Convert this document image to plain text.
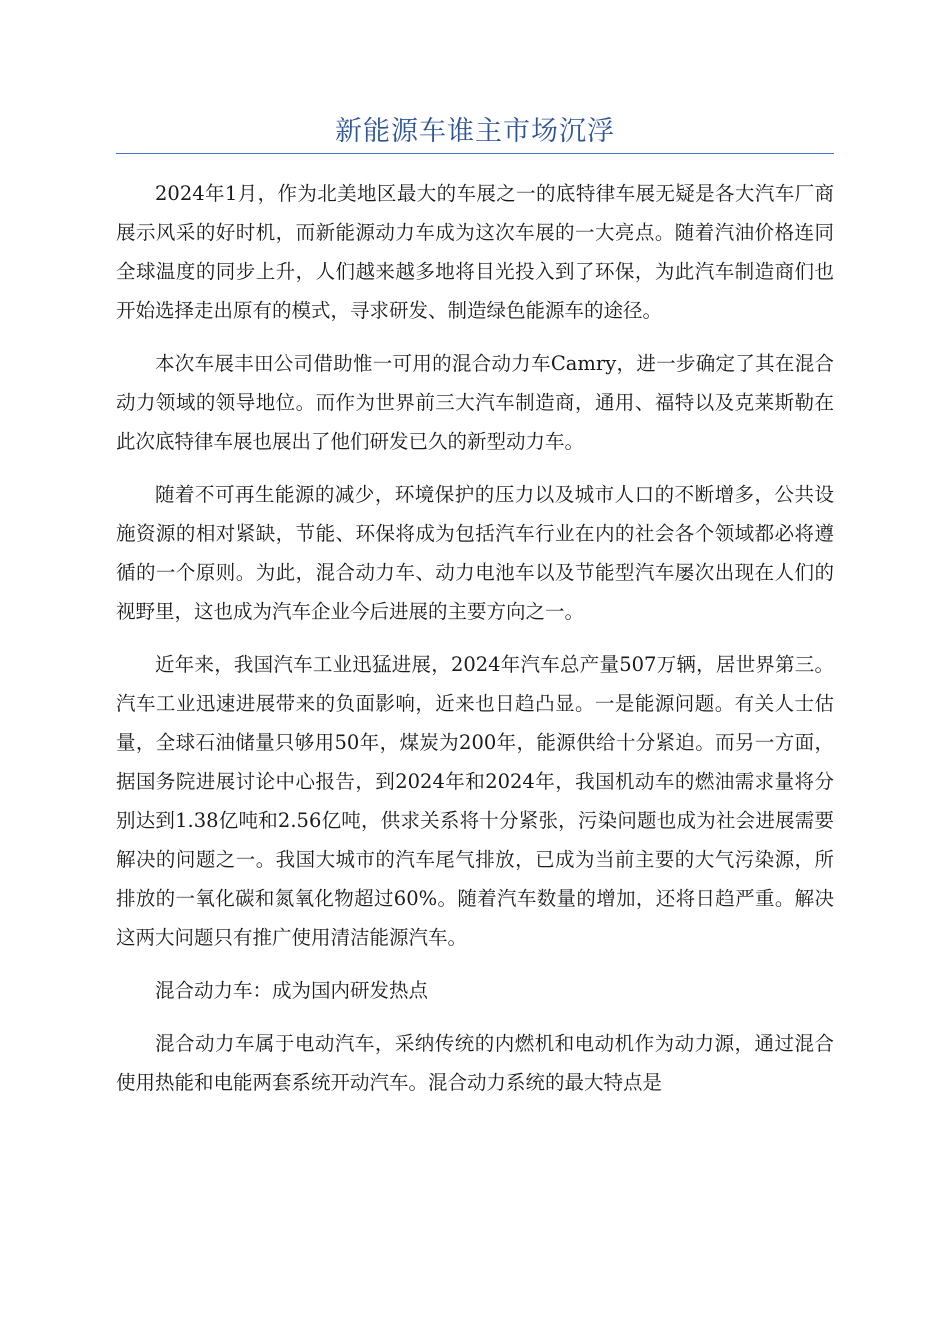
新能源车谁主市场沉浮

2024年1月，作为北美地区最大的车展之一的底特律车展无疑是各大汽车厂商展示风采的好时机，而新能源动力车成为这次车展的一大亮点。随着汽油价格连同全球温度的同步上升，人们越来越多地将目光投入到了环保，为此汽车制造商们也开始选择走出原有的模式，寻求研发、制造绿色能源车的途径。

本次车展丰田公司借助惟一可用的混合动力车Camry，进一步确定了其在混合动力领域的领导地位。而作为世界前三大汽车制造商，通用、福特以及克莱斯勒在此次底特律车展也展出了他们研发已久的新型动力车。

随着不可再生能源的减少，环境保护的压力以及城市人口的不断增多，公共设施资源的相对紧缺，节能、环保将成为包括汽车行业在内的社会各个领域都必将遵循的一个原则。为此，混合动力车、动力电池车以及节能型汽车屡次出现在人们的视野里，这也成为汽车企业今后进展的主要方向之一。

近年来，我国汽车工业迅猛进展，2024年汽车总产量507万辆，居世界第三。汽车工业迅速进展带来的负面影响，近来也日趋凸显。一是能源问题。有关人士估量，全球石油储量只够用50年，煤炭为200年，能源供给十分紧迫。而另一方面，据国务院进展讨论中心报告，到2024年和2024年，我国机动车的燃油需求量将分别达到1.38亿吨和2.56亿吨，供求关系将十分紧张，污染问题也成为社会进展需要解决的问题之一。我国大城市的汽车尾气排放，已成为当前主要的大气污染源，所排放的一氧化碳和氮氧化物超过60%。随着汽车数量的增加，还将日趋严重。解决这两大问题只有推广使用清洁能源汽车。

混合动力车：成为国内研发热点

混合动力车属于电动汽车，采纳传统的内燃机和电动机作为动力源，通过混合使用热能和电能两套系统开动汽车。混合动力系统的最大特点是
